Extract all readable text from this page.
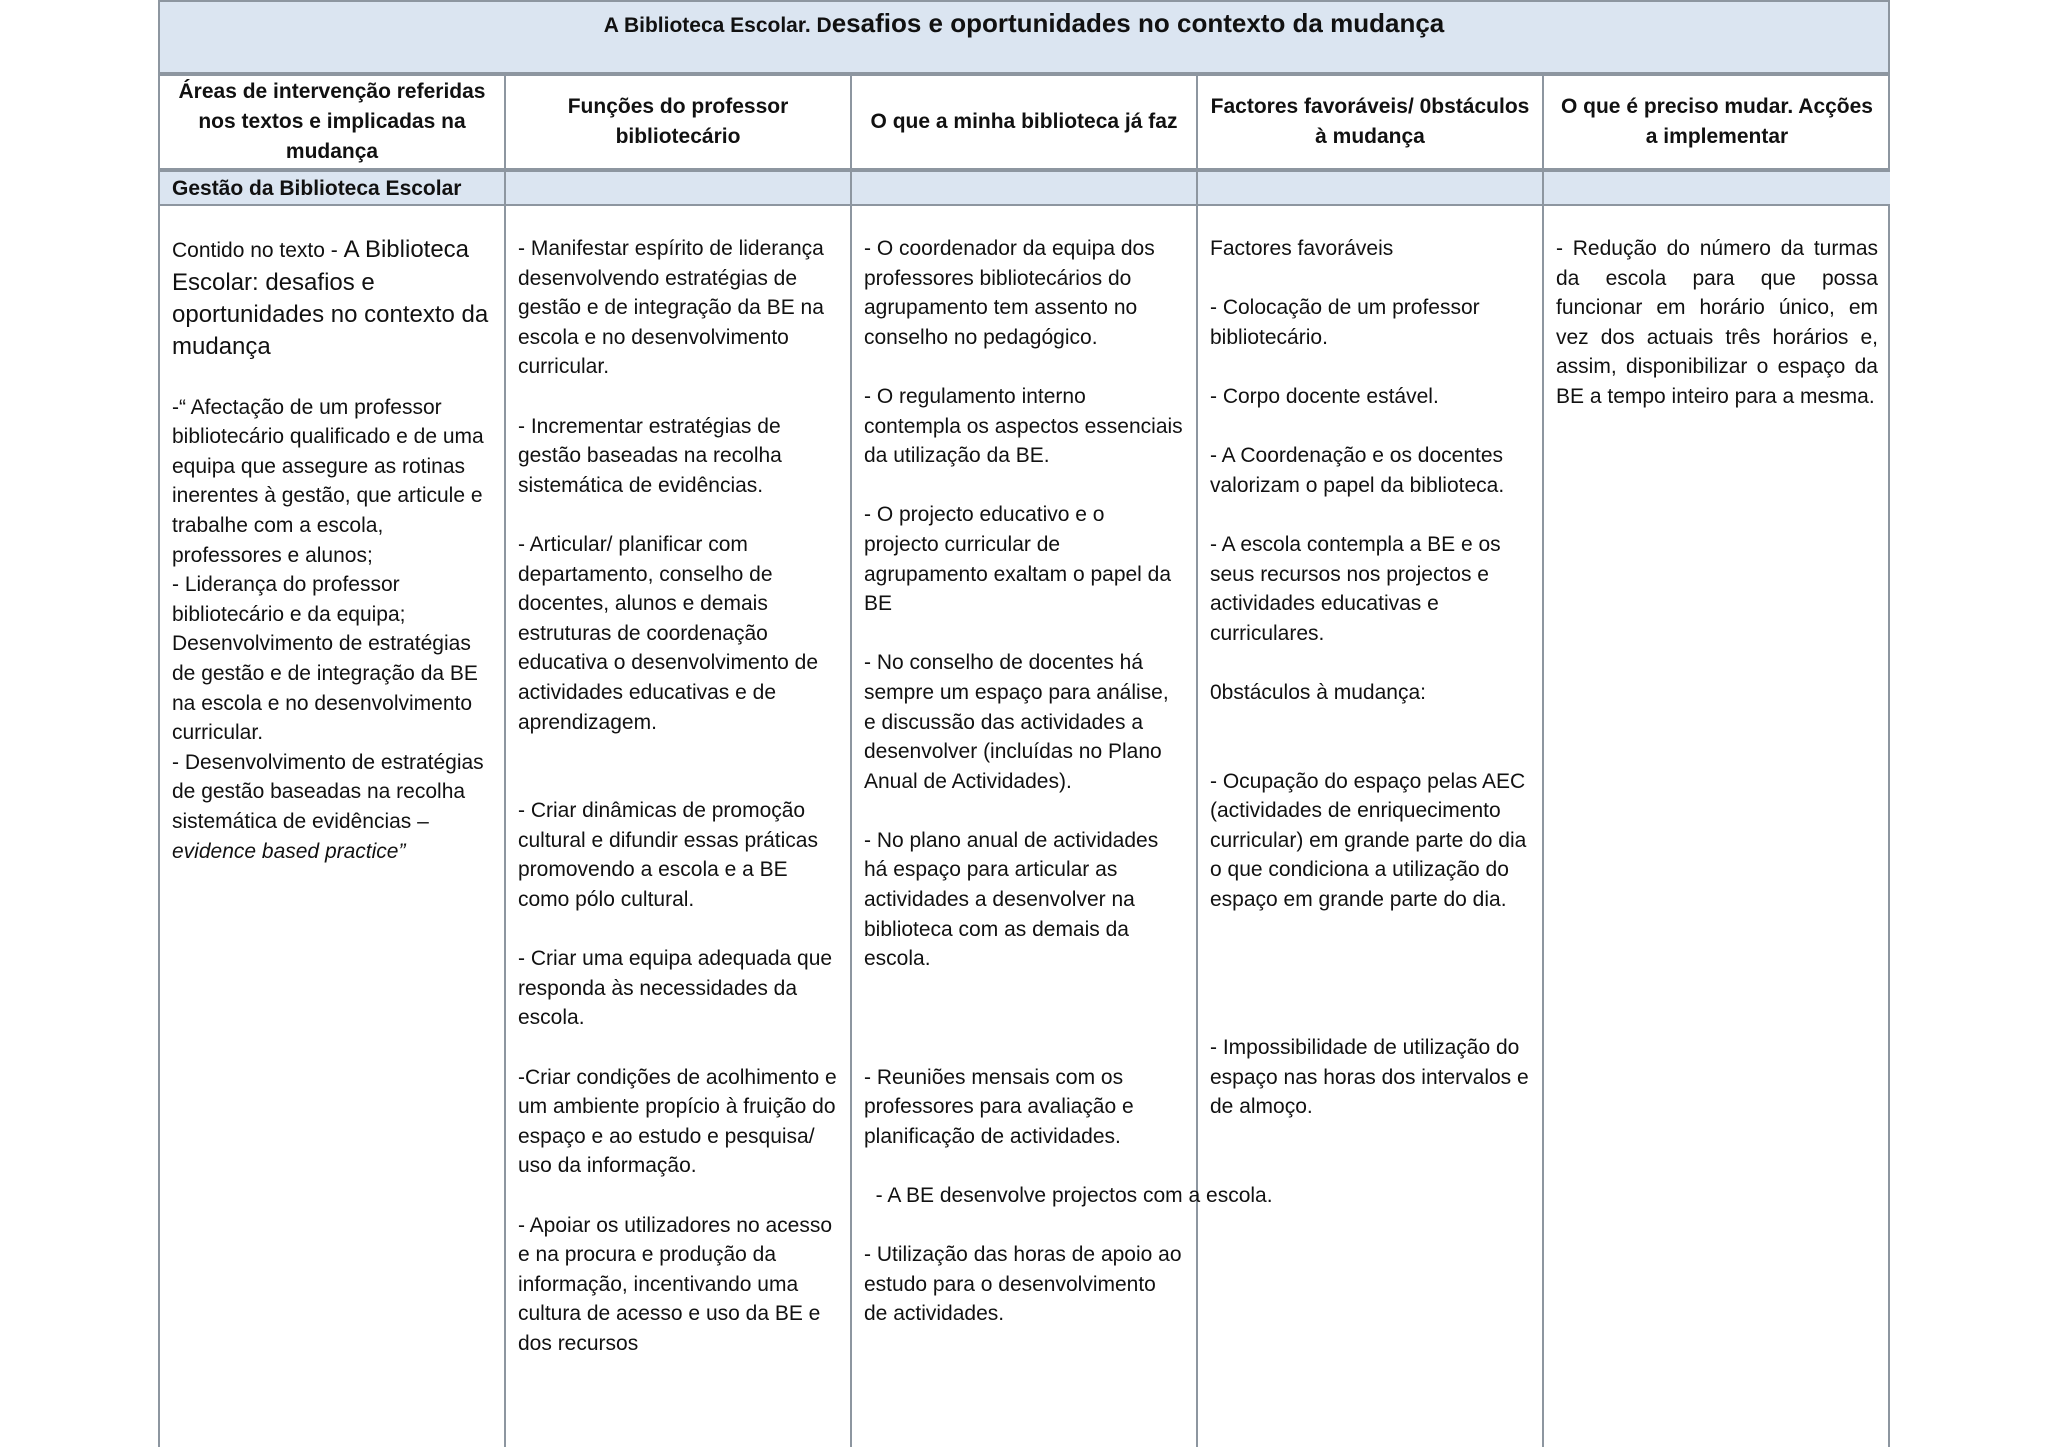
A Biblioteca Escolar. Desafios e oportunidades no contexto da mudança
Áreas de intervenção referidas nos textos e implicadas na mudança
Gestão da Biblioteca Escolar

Contido no texto - A Biblioteca Escolar: desafios e oportunidades no contexto da mudança

-“ Afectação de um professor bibliotecário qualificado e de uma equipa que assegure as rotinas inerentes à gestão, que articule e trabalhe com a escola, professores e alunos;
- Liderança do professor bibliotecário e da equipa; Desenvolvimento de estratégias de gestão e de integração da BE na escola e no desenvolvimento curricular.
- Desenvolvimento de estratégias de gestão baseadas na recolha sistemática de evidências – evidence based practice”

Funções do professor bibliotecário

- Manifestar espírito de liderança desenvolvendo estratégias de gestão e de integração da BE na escola e no desenvolvimento curricular.

- Incrementar estratégias de gestão baseadas na recolha sistemática de evidências.

- Articular/ planificar com departamento, conselho de docentes, alunos e demais estruturas de coordenação educativa o desenvolvimento de actividades educativas e de aprendizagem.

- Criar dinâmicas de promoção cultural e difundir essas práticas promovendo a escola e a BE como pólo cultural.

- Criar uma equipa adequada que responda às necessidades da escola.

-Criar condições de acolhimento e um ambiente propício à fruição do espaço e ao estudo e pesquisa/ uso da informação.

- Apoiar os utilizadores no acesso e na procura e produção da informação, incentivando uma cultura de acesso e uso da BE e dos recursos

O que a minha biblioteca já faz

- O coordenador da equipa dos professores bibliotecários do agrupamento tem assento no conselho no pedagógico.

- O regulamento interno contempla os aspectos essenciais da utilização da BE.

- O projecto educativo e o projecto curricular de agrupamento exaltam o papel da BE

- No conselho de docentes há sempre um espaço para análise, e discussão das actividades a desenvolver (incluídas no Plano Anual de Actividades).

- No plano anual de actividades há espaço para articular as actividades a desenvolver na biblioteca com as demais da escola.

- Reuniões mensais com os professores para avaliação e planificação de actividades.

- A BE desenvolve projectos com a escola.

- Utilização das horas de apoio ao estudo para o desenvolvimento de actividades.

Factores favoráveis/ 0bstáculos à mudança

Factores favoráveis

- Colocação de um professor bibliotecário.

- Corpo docente estável.

- A Coordenação e os docentes valorizam o papel da biblioteca.

- A escola contempla a BE e os seus recursos nos projectos e actividades educativas e curriculares.

0bstáculos à mudança:

- Ocupação do espaço pelas AEC (actividades de enriquecimento curricular) em grande parte do dia o que condiciona a utilização do espaço em grande parte do dia.

- Impossibilidade de utilização do espaço nas horas dos intervalos e de almoço.

O que é preciso mudar. Acções a implementar

- Redução do número da turmas da escola para que possa funcionar em horário único, em vez dos actuais três horários e, assim, disponibilizar o espaço da BE a tempo inteiro para a mesma.
